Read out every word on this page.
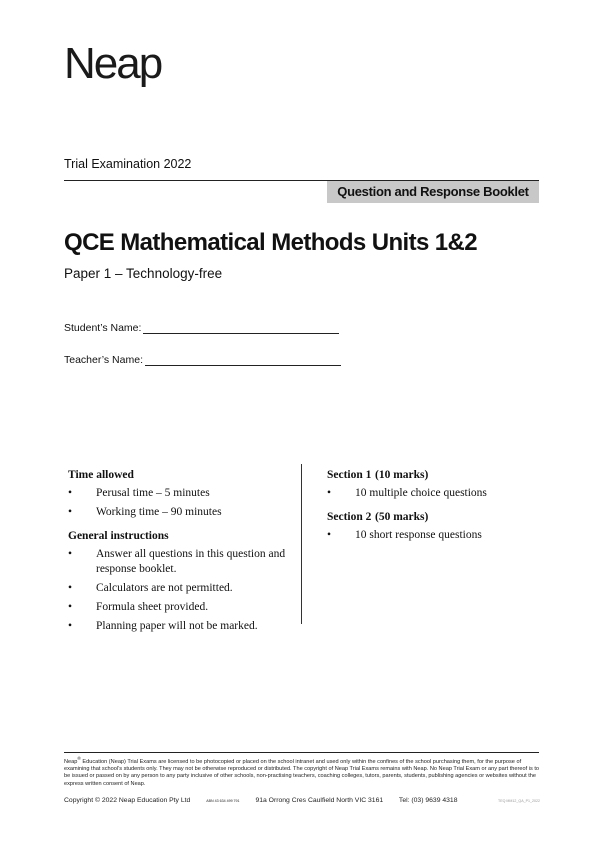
Neap
Trial Examination 2022
Question and Response Booklet
QCE Mathematical Methods Units 1&2
Paper 1 – Technology-free
Student’s Name:
Teacher’s Name:
Time allowed
• Perusal time – 5 minutes
• Working time – 90 minutes
General instructions
• Answer all questions in this question and response booklet.
• Calculators are not permitted.
• Formula sheet provided.
• Planning paper will not be marked.
Section 1 (10 marks)
• 10 multiple choice questions
Section 2 (50 marks)
• 10 short response questions
Neap® Education (Neap) Trial Exams are licensed to be photocopied or placed on the school intranet and used only within the confines of the school purchasing them, for the purpose of examining that school’s students only. They may not be otherwise reproduced or distributed. The copyright of Neap Trial Exams remains with Neap. No Neap Trial Exam or any part thereof is to be issued or passed on by any person to any party inclusive of other schools, non-practising teachers, coaching colleges, tutors, parents, students, publishing agencies or websites without the express written consent of Neap.
Copyright © 2022 Neap Education Pty Ltd	ABN 43 634 499 791 91a Orrong Cres Caulfield North VIC 3161 Tel: (03) 9639 4318	TEQ MM12_QA_P1_2022
